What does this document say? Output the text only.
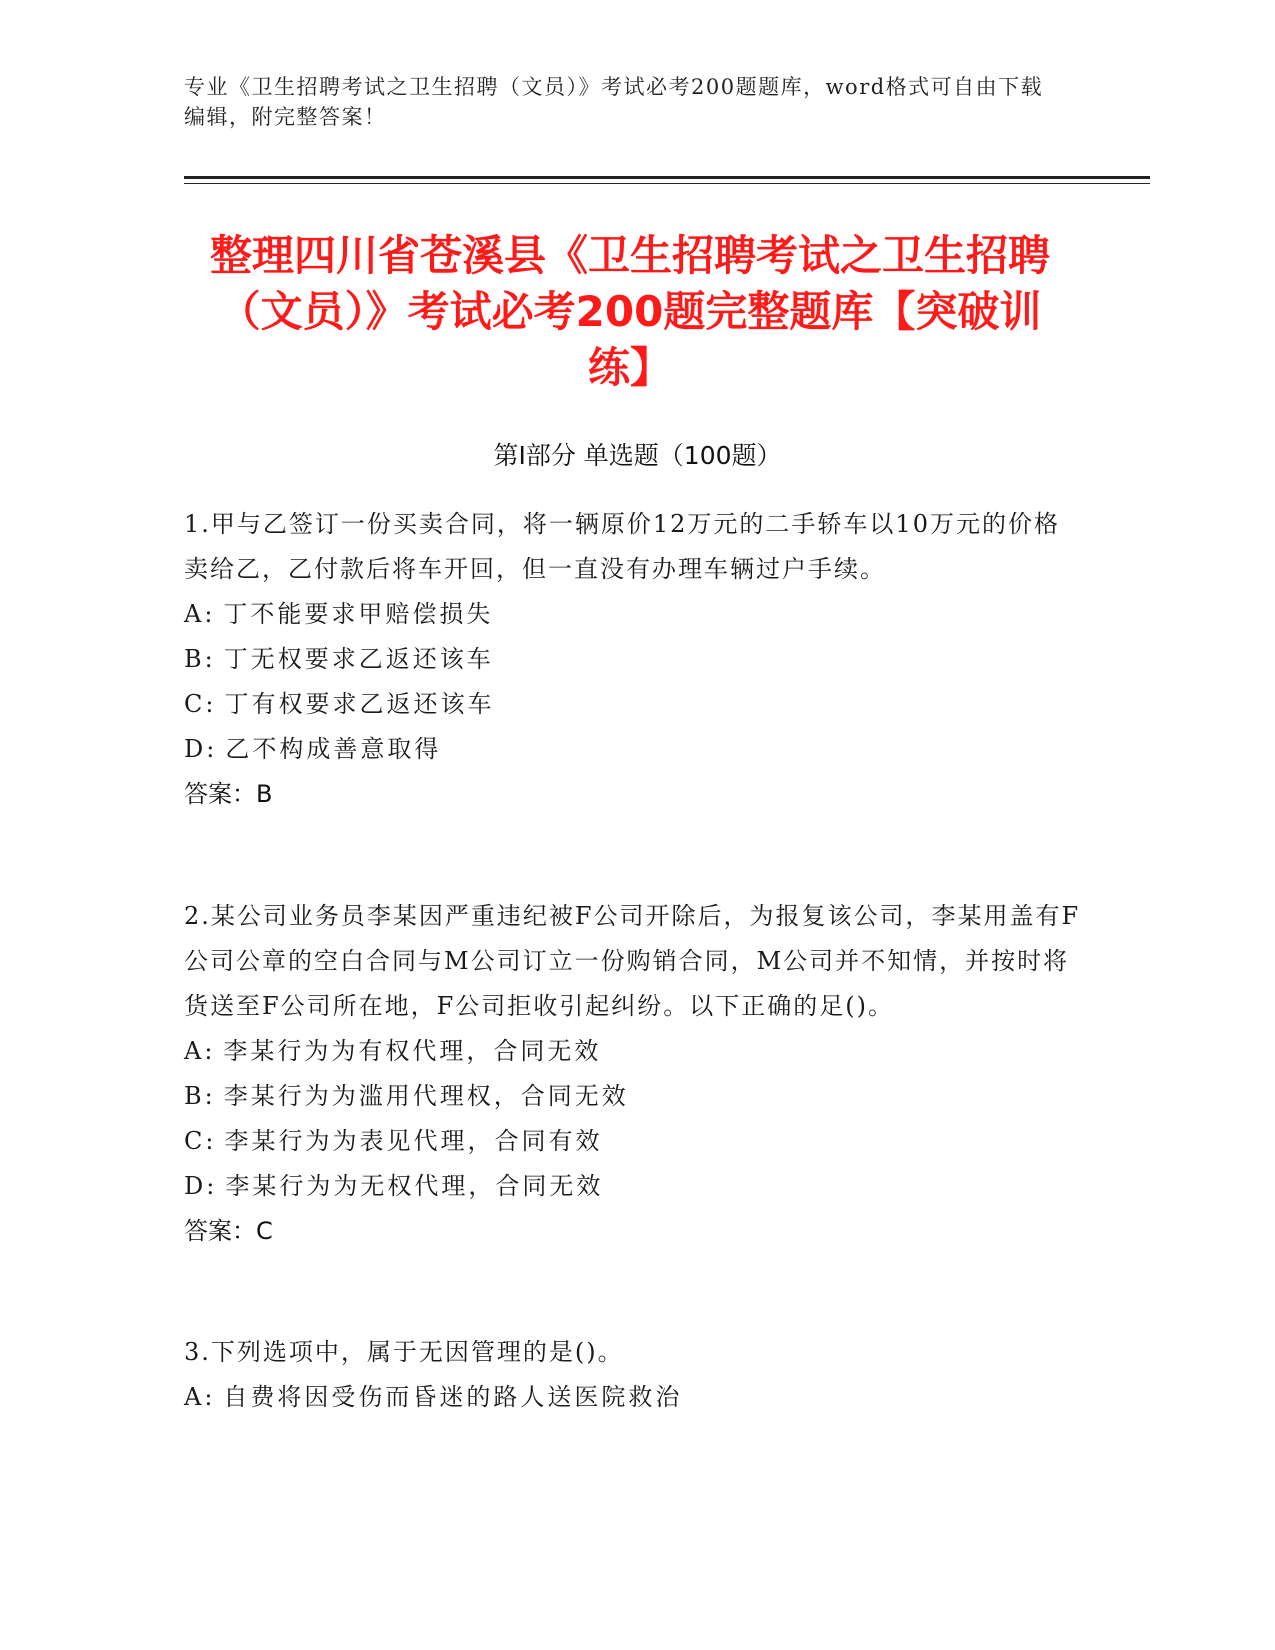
专业《卫生招聘考试之卫生招聘（文员）》考试必考200题题库，word格式可自由下载编辑，附完整答案！
整理四川省苍溪县《卫生招聘考试之卫生招聘（文员）》考试必考200题完整题库【突破训练】
第I部分 单选题（100题）

1.甲与乙签订一份买卖合同，将一辆原价12万元的二手轿车以10万元的价格卖给乙，乙付款后将车开回，但一直没有办理车辆过户手续。

A: 丁不能要求甲赔偿损失

B: 丁无权要求乙返还该车

C: 丁有权要求乙返还该车

D: 乙不构成善意取得

答案：B

2.某公司业务员李某因严重违纪被F公司开除后，为报复该公司，李某用盖有F公司公章的空白合同与M公司订立一份购销合同，M公司并不知情，并按时将货送至F公司所在地，F公司拒收引起纠纷。以下正确的足()。

A: 李某行为为有权代理，合同无效

B: 李某行为为滥用代理权，合同无效

C: 李某行为为表见代理，合同有效

D: 李某行为为无权代理，合同无效

答案：C

3.下列选项中，属于无因管理的是()。

A: 自费将因受伤而昏迷的路人送医院救治
